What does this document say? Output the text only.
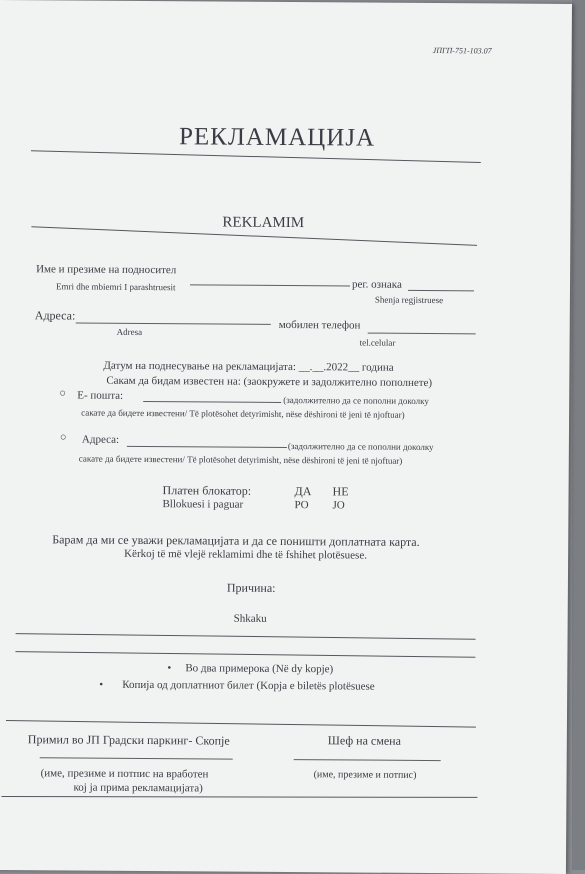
ЈПГП-751-103.07
РЕКЛАМАЦИЈА
REKLAMIM
Име и презиме на подносител
Emri dhe mbiemri I parashtruesit	рег. ознака
Shenja regjistruese
Адреса:
Adresa
мобилен телефон
tel.celular
Датум на поднесување на рекламацијата: __.__.2022__ година
Сакам да бидам известен на: (заокружете и задолжително пополнете)
○ Е- пошта:	(задолжително да се пополни доколку
сакате да бидете известени/ Të plotësohet detyrimisht, nëse dëshironi të jeni të njoftuar)
○ Адреса:
(задолжително да се пополни доколку
сакате да бидете известени/ Të plotësohet detyrimisht, nëse dëshironi të jeni të njoftuar)
Платен блокатор:
Bllokuesi i paguar
ДА НЕ
PO JO
Барам да ми се уважи рекламацијата и да се поништи доплатната карта.
Kërkoj të më vlejë reklamimi dhe të fshihet plotësuese.
Причина:
Shkaku
• Во два примерока (Në dy kopje)
• Копија од доплатниот билет (Kopja e biletës plotësuese
Примил во ЈП Градски паркинг- Скопје	Шеф на смена
(име, презиме и потпис на вработен	(име, презиме и потпис)
кој ја прима рекламацијата)
